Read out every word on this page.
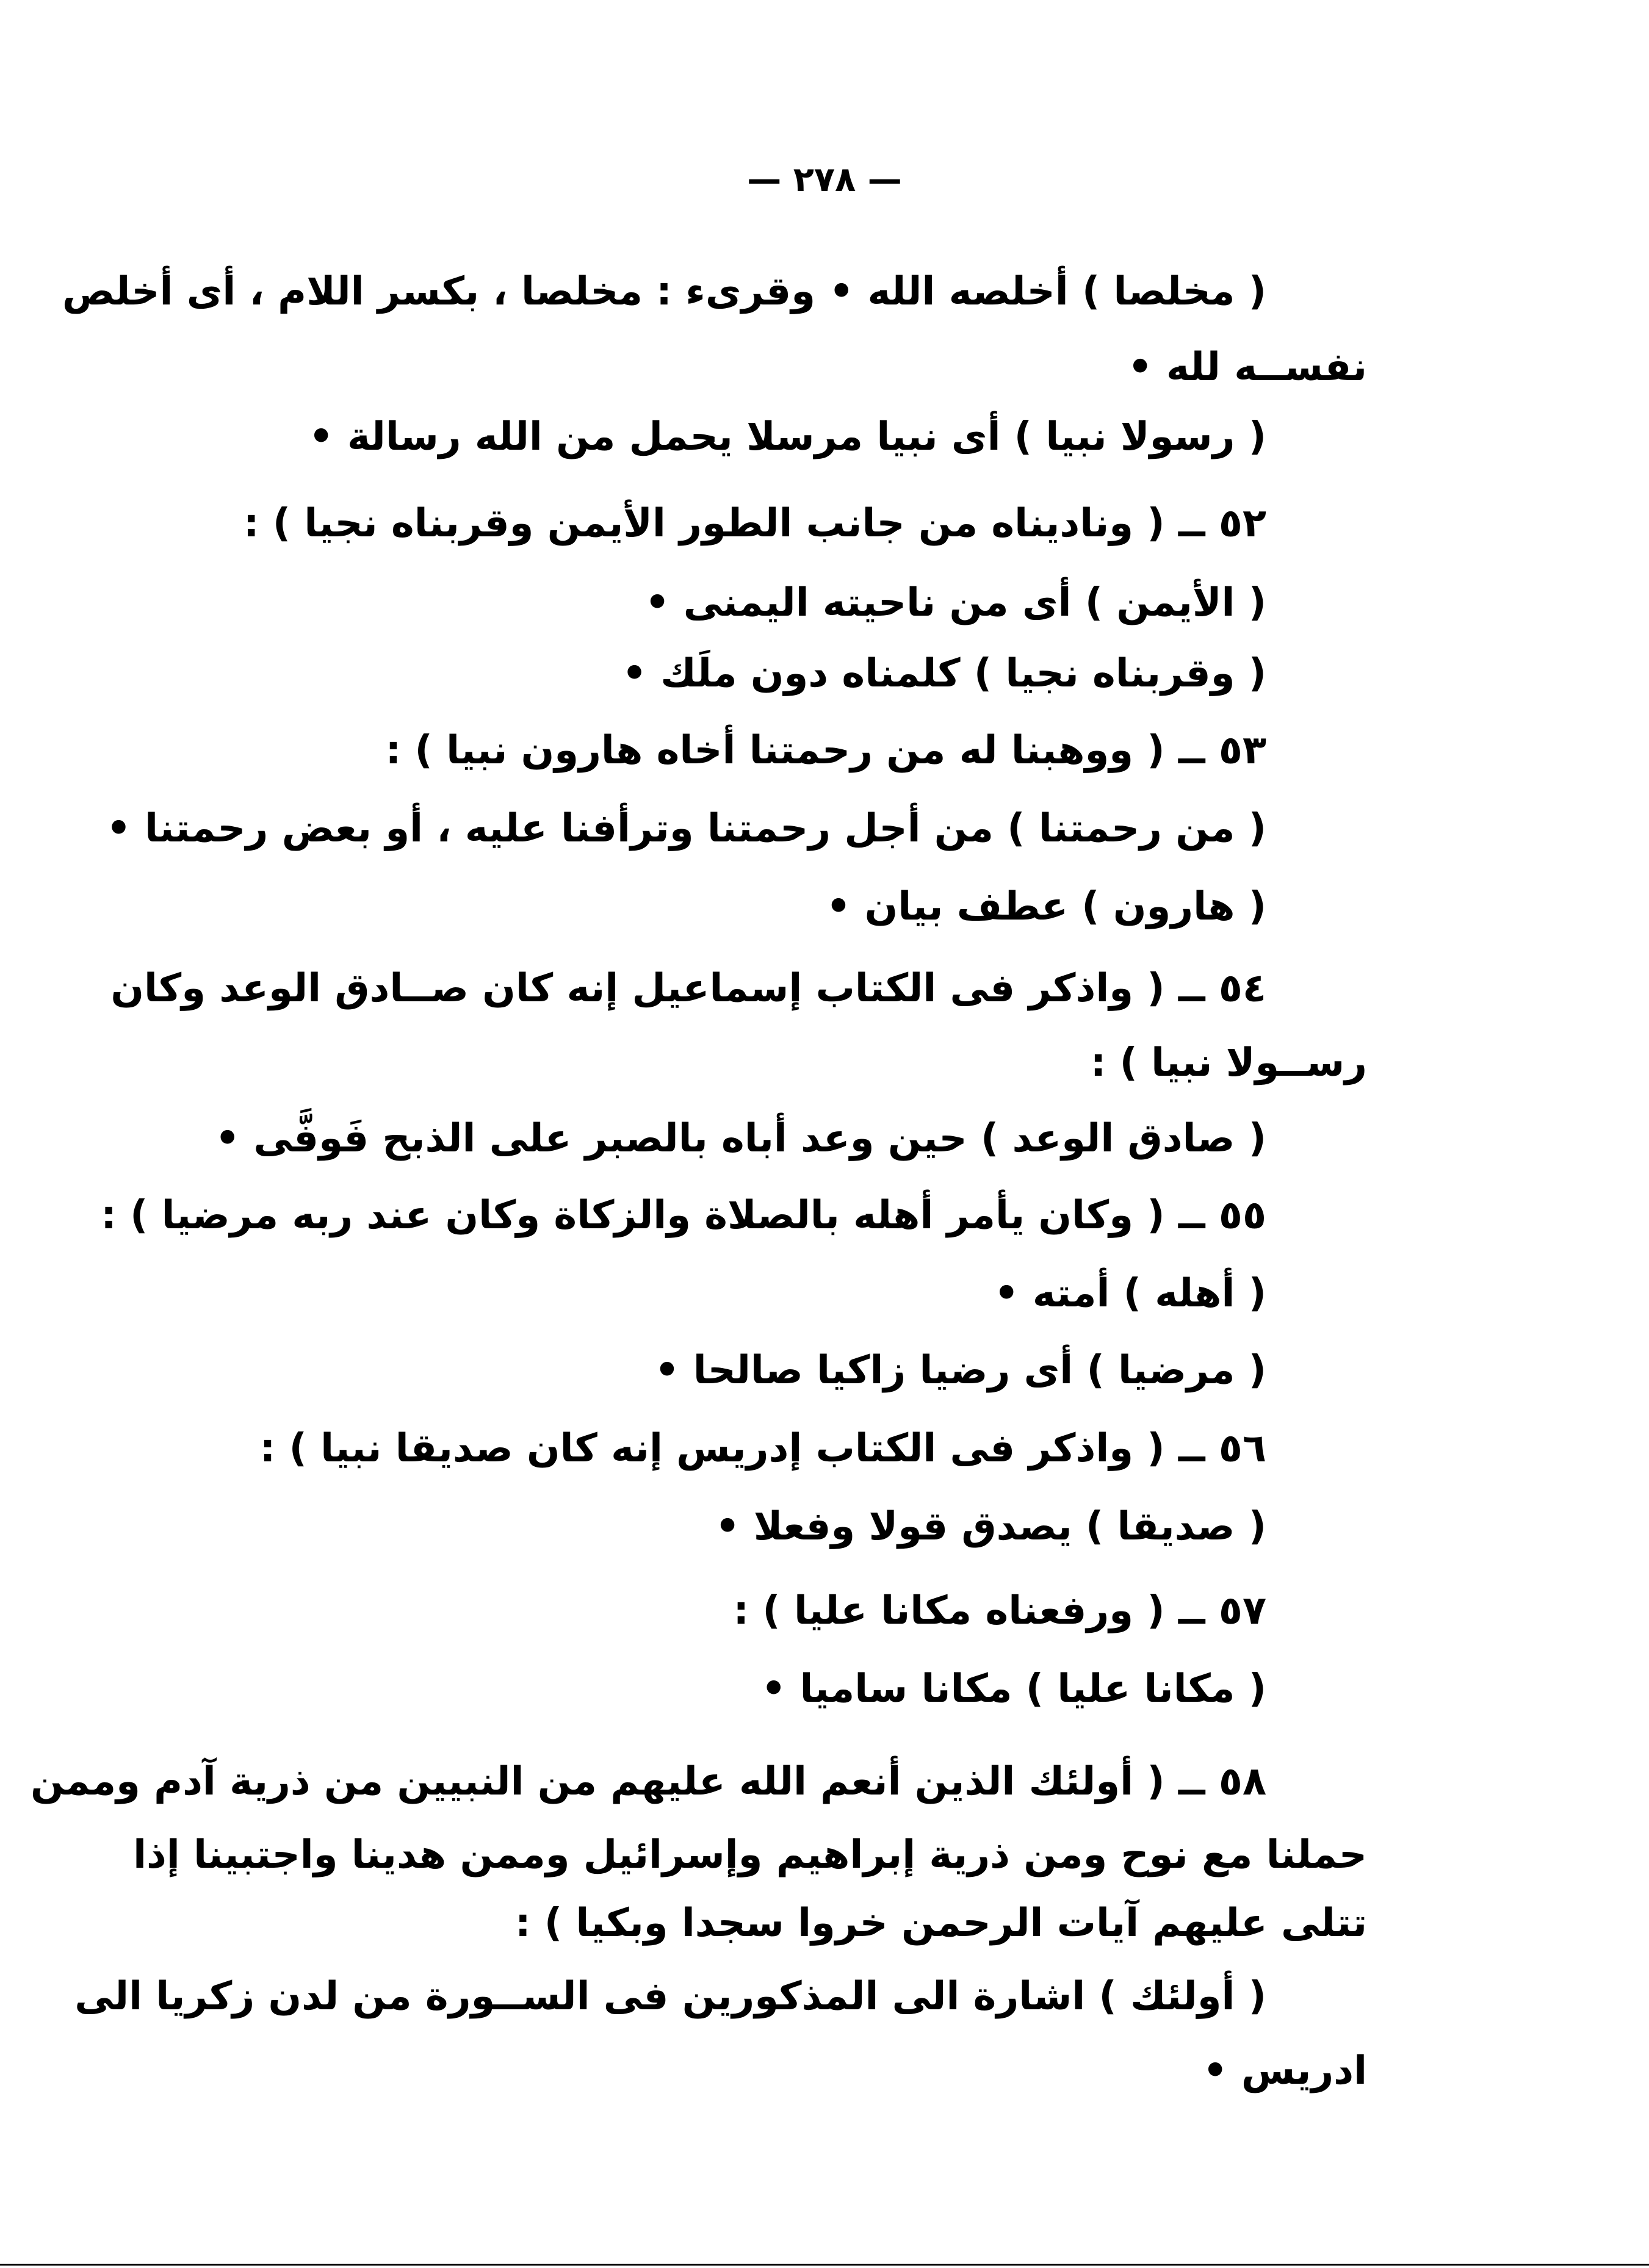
— ٢٧٨ —
( مخلصا ) أخلصه الله • وقرىء : مخلصا ، بكسر اللام ، أى أخلص
نفســه لله •
( رسولا نبيا ) أى نبيا مرسلا يحمل من الله رسالة •
٥٢ ــ ( وناديناه من جانب الطور الأيمن وقربناه نجيا ) :
( الأيمن ) أى من ناحيته اليمنى •
( وقربناه نجيا ) كلمناه دون ملَك •
٥٣ ــ ( ووهبنا له من رحمتنا أخاه هارون نبيا ) :
( من رحمتنا ) من أجل رحمتنا وترأفنا عليه ، أو بعض رحمتنا •
( هارون ) عطف بيان •
٥٤ ــ ( واذكر فى الكتاب إسماعيل إنه كان صــادق الوعد وكان
رســولا نبيا ) :
( صادق الوعد ) حين وعد أباه بالصبر على الذبح فَوفَّى •
٥٥ ــ ( وكان يأمر أهله بالصلاة والزكاة وكان عند ربه مرضيا ) :
( أهله ) أمته •
( مرضيا ) أى رضيا زاكيا صالحا •
٥٦ ــ ( واذكر فى الكتاب إدريس إنه كان صديقا نبيا ) :
( صديقا ) يصدق قولا وفعلا •
٥٧ ــ ( ورفعناه مكانا عليا ) :
( مكانا عليا ) مكانا ساميا •
٥٨ ــ ( أولئك الذين أنعم الله عليهم من النبيين من ذرية آدم وممن
حملنا مع نوح ومن ذرية إبراهيم وإسرائيل وممن هدينا واجتبينا إذا
تتلى عليهم آيات الرحمن خروا سجدا وبكيا ) :
( أولئك ) اشارة الى المذكورين فى الســورة من لدن زكريا الى
ادريس •
